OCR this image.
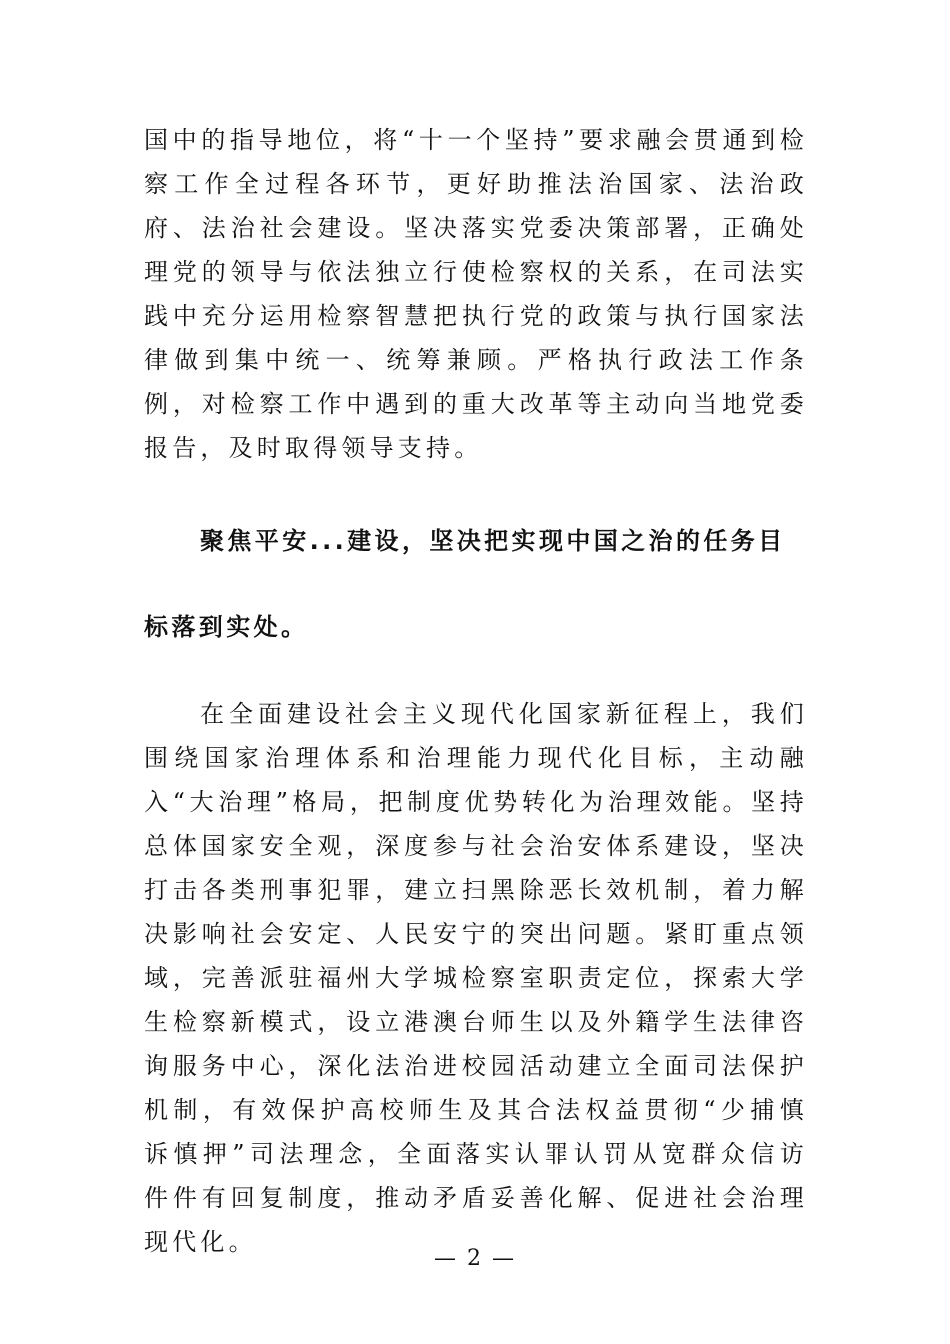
国中的指导地位，将“十一个坚持”要求融会贯通到检察工作全过程各环节，更好助推法治国家、法治政府、法治社会建设。坚决落实党委决策部署，正确处理党的领导与依法独立行使检察权的关系，在司法实践中充分运用检察智慧把执行党的政策与执行国家法律做到集中统一、统筹兼顾。严格执行政法工作条例，对检察工作中遇到的重大改革等主动向当地党委报告，及时取得领导支持。

聚焦平安...建设，坚决把实现中国之治的任务目标落到实处。

在全面建设社会主义现代化国家新征程上，我们围绕国家治理体系和治理能力现代化目标，主动融入“大治理”格局，把制度优势转化为治理效能。坚持总体国家安全观，深度参与社会治安体系建设，坚决打击各类刑事犯罪，建立扫黑除恶长效机制，着力解决影响社会安定、人民安宁的突出问题。紧盯重点领域，完善派驻福州大学城检察室职责定位，探索大学生检察新模式，设立港澳台师生以及外籍学生法律咨询服务中心，深化法治进校园活动建立全面司法保护机制，有效保护高校师生及其合法权益贯彻“少捕慎诉慎押”司法理念，全面落实认罪认罚从宽群众信访件件有回复制度，推动矛盾妥善化解、促进社会治理现代化。

— 2 —
